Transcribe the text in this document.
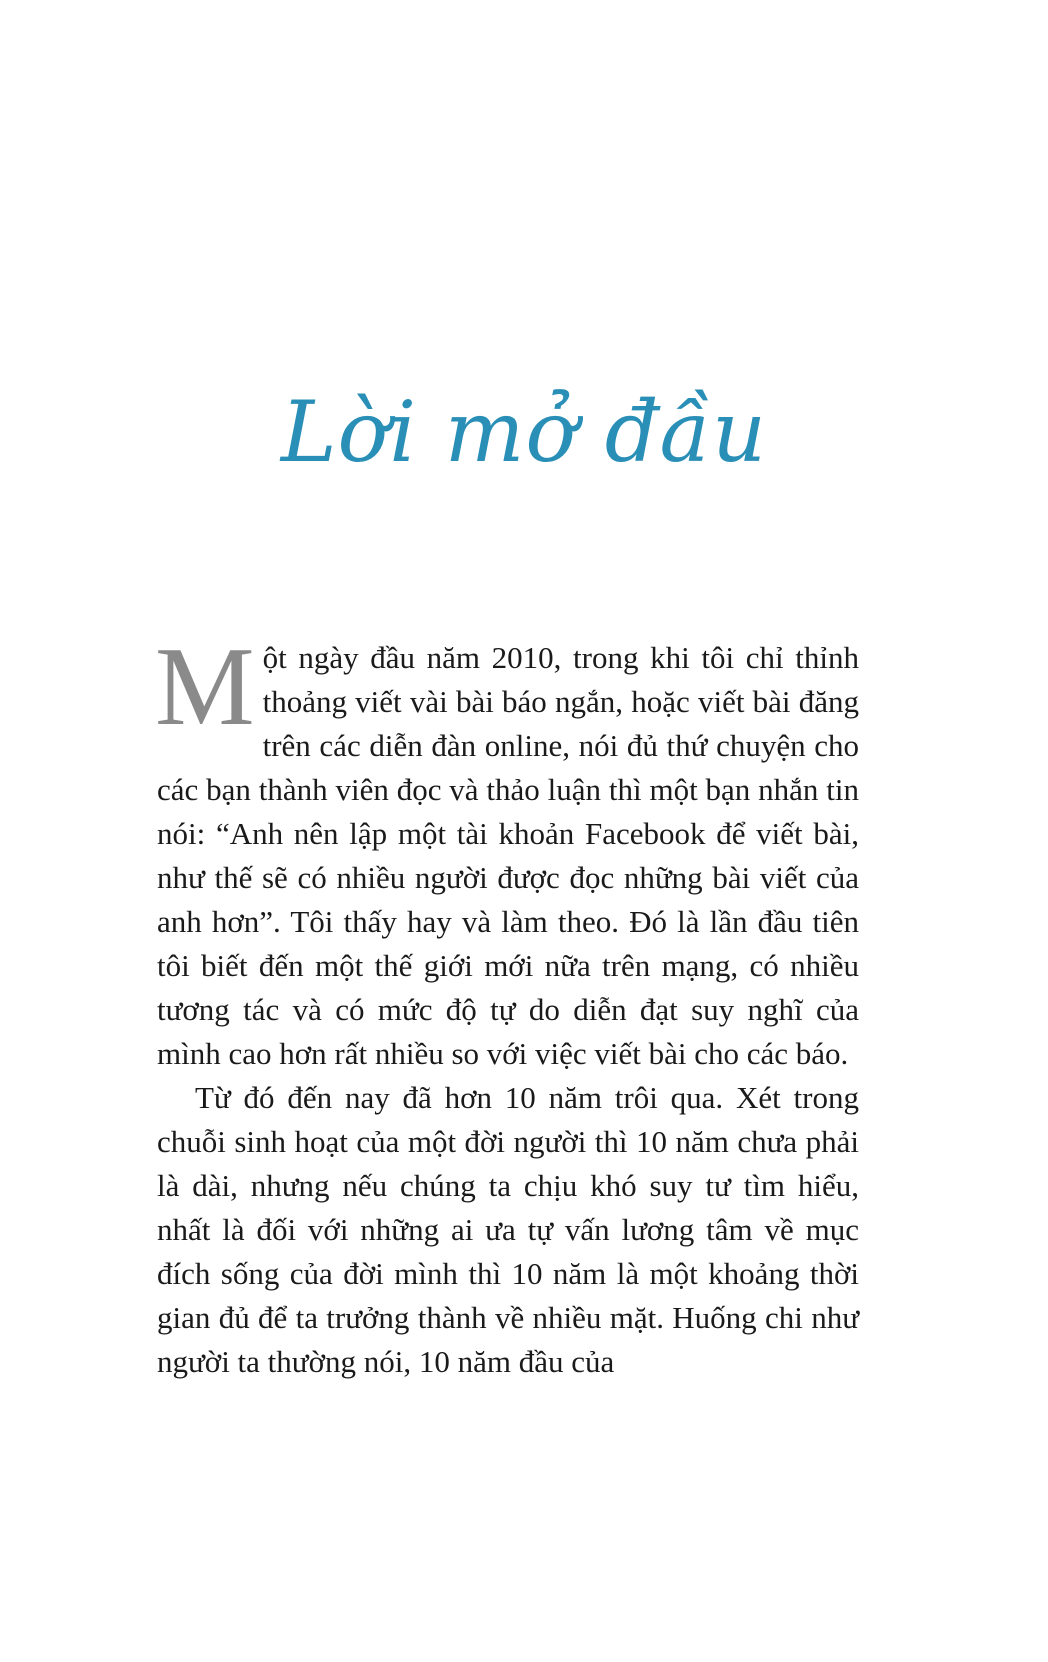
Lời mở đầu

Một ngày đầu năm 2010, trong khi tôi chỉ thỉnh thoảng viết vài bài báo ngắn, hoặc viết bài đăng trên các diễn đàn online, nói đủ thứ chuyện cho các bạn thành viên đọc và thảo luận thì một bạn nhắn tin nói: “Anh nên lập một tài khoản Facebook để viết bài, như thế sẽ có nhiều người được đọc những bài viết của anh hơn”. Tôi thấy hay và làm theo. Đó là lần đầu tiên tôi biết đến một thế giới mới nữa trên mạng, có nhiều tương tác và có mức độ tự do diễn đạt suy nghĩ của mình cao hơn rất nhiều so với việc viết bài cho các báo.

Từ đó đến nay đã hơn 10 năm trôi qua. Xét trong chuỗi sinh hoạt của một đời người thì 10 năm chưa phải là dài, nhưng nếu chúng ta chịu khó suy tư tìm hiểu, nhất là đối với những ai ưa tự vấn lương tâm về mục đích sống của đời mình thì 10 năm là một khoảng thời gian đủ để ta trưởng thành về nhiều mặt. Huống chi như người ta thường nói, 10 năm đầu của
